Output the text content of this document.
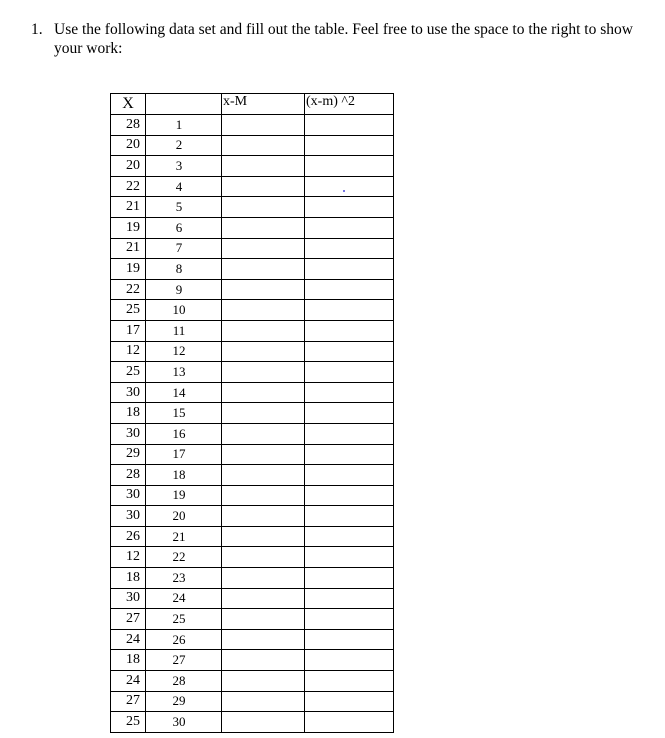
1. Use the following data set and fill out the table. Feel free to use the space to the right to show your work:
X		x-M	(x-m) ^2
28	1		
20	2		
20	3		
22	4		
21	5		
19	6		
21	7		
19	8		
22	9		
25	10		
17	11		
12	12		
25	13		
30	14		
18	15		
30	16		
29	17		
28	18		
30	19		
30	20		
26	21		
12	22		
18	23		
30	24		
27	25		
24	26		
18	27		
24	28		
27	29		
25	30		
